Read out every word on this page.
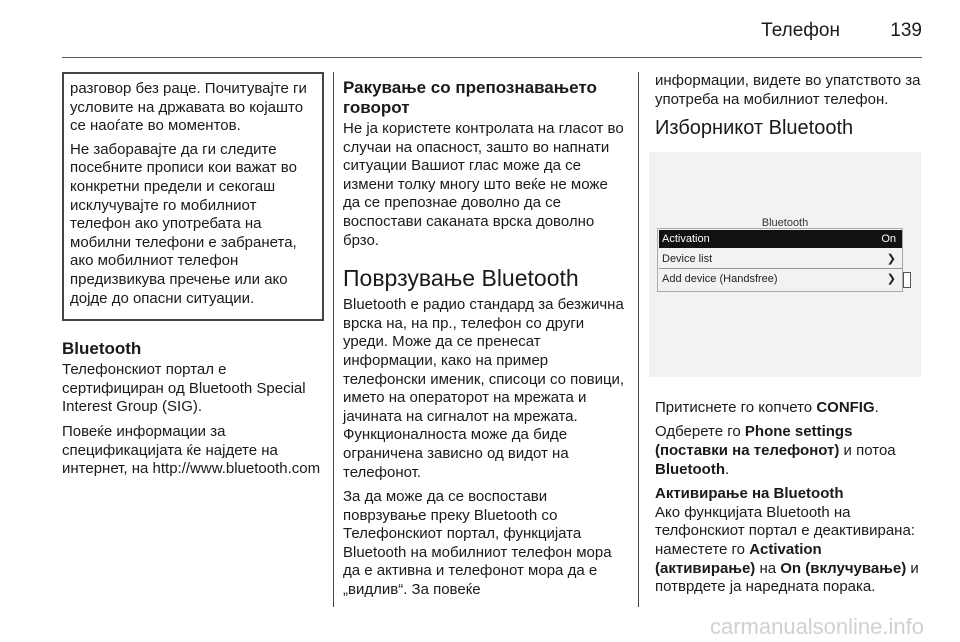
Телефон	139

разговор без раце. Почитувајте ги условите на државата во којашто се наоѓате во моментов.

Не заборавајте да ги следите посебните прописи кои важат во конкретни предели и секогаш исклучувајте го мобилниот телефон ако употребата на мобилни телефони е забранета, ако мобилниот телефон предизвикува пречење или ако дојде до опасни ситуации.

Bluetooth

Телефонскиот портал е сертифициран од Bluetooth Special Interest Group (SIG).

Повеќе информации за спецификацијата ќе најдете на интернет, на http://www.bluetooth.com

Ракување со препознавањето говорот

Не ја користете контролата на гласот во случаи на опасност, зашто во напнати ситуации Вашиот глас може да се измени толку многу што веќе не може да се препознае доволно да се воспостави саканата врска доволно брзо.

Поврзување Bluetooth

Bluetooth е радио стандард за безжична врска на, на пр., телефон со други уреди. Може да се пренесат информации, како на пример телефонски именик, списоци со повици, името на операторот на мрежата и јачината на сигналот на мрежата. Функционалноста може да биде ограничена зависно од видот на телефонот.

За да може да се воспостави поврзување преку Bluetooth со Телефонскиот портал, функцијата Bluetooth на мобилниот телефон мора да е активна и телефонот мора да е „видлив“. За повеќе

информации, видете во упатството за употреба на мобилниот телефон.

Изборникот Bluetooth
Bluetooth
Activation	On
Device list	❯
Add device (Handsfree)	❯

Притиснете го копчето CONFIG.

Одберете го Phone settings (поставки на телефонот) и потоа Bluetooth.

Активирање на Bluetooth

Ако функцијата Bluetooth на телфонскиот портал е деактивирана: наместете го Activation (активирање) на On (вклучување) и потврдете ја наредната порака.

carmanualsonline.info
